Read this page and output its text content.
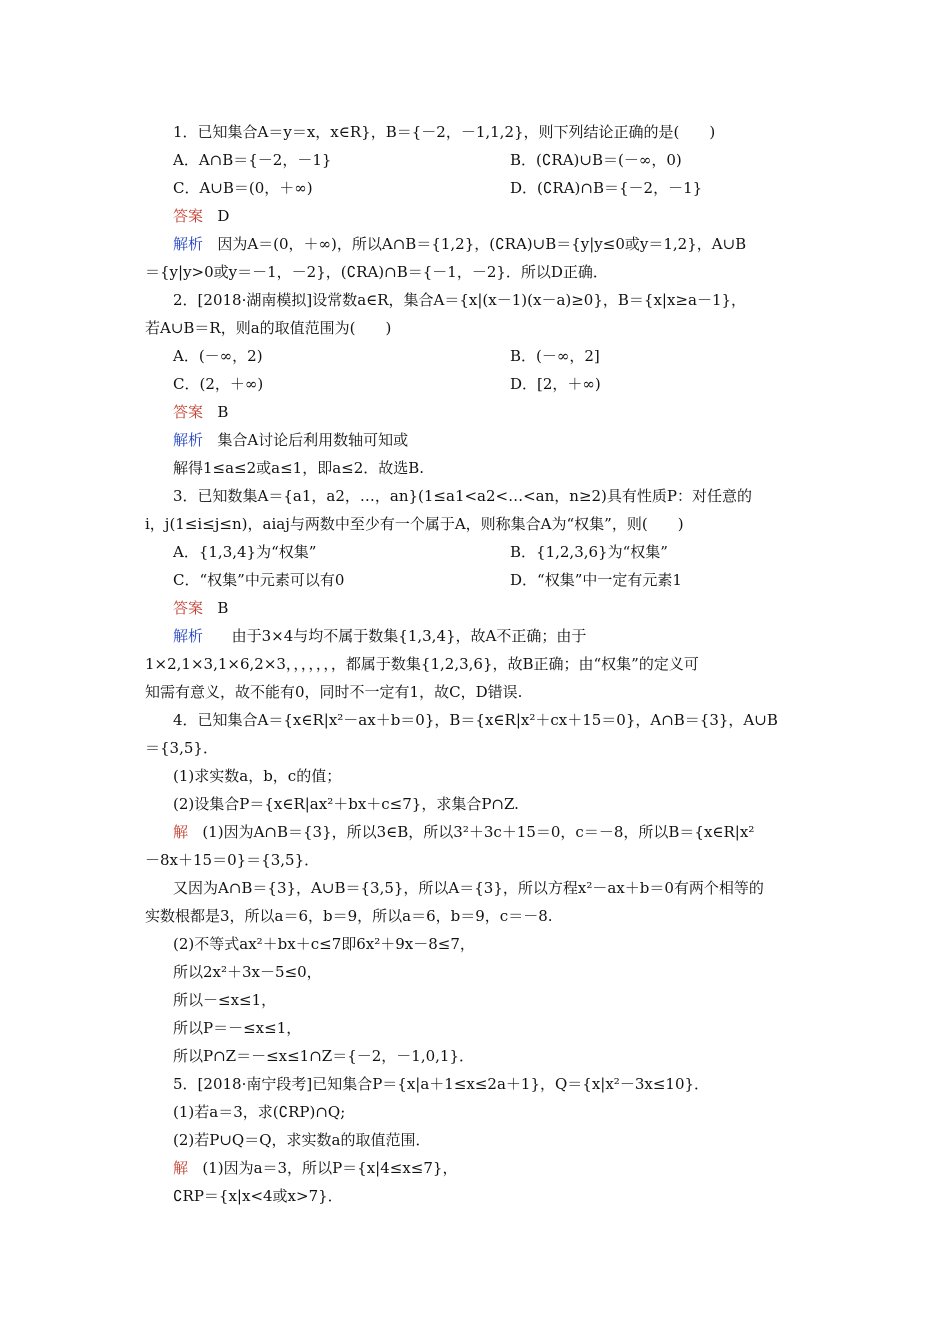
1．已知集合A＝y＝x，x∈R}，B＝{－2，－1,1,2}，则下列结论正确的是(　　)
A．A∩B＝{－2，－1}	B．(∁RA)∪B＝(－∞，0)
C．A∪B＝(0，＋∞)	D．(∁RA)∩B＝{－2，－1}
答案 D
解析 因为A＝(0，＋∞)，所以A∩B＝{1,2}，(∁RA)∪B＝{y|y≤0或y＝1,2}，A∪B
＝{y|y>0或y＝－1，－2}，(∁RA)∩B＝{－1，－2}．所以D正确．
2．[2018·湖南模拟]设常数a∈R，集合A＝{x|(x－1)(x－a)≥0}，B＝{x|x≥a－1}，
若A∪B＝R，则a的取值范围为(　　)
A．(－∞，2)	B．(－∞，2]
C．(2，＋∞)	D．[2，＋∞)
答案 B
解析 集合A讨论后利用数轴可知或
解得1≤a≤2或a≤1，即a≤2．故选B.
3．已知数集A＝{a1，a2，…，an}(1≤a1<a2<…<an，n≥2)具有性质P：对任意的
i，j(1≤i≤j≤n)，aiaj与两数中至少有一个属于A，则称集合A为“权集”，则(　　)
A．{1,3,4}为“权集”	B．{1,2,3,6}为“权集”
C．“权集”中元素可以有0	D．“权集”中一定有元素1
答案 B
解析 由于3×4与均不属于数集{1,3,4}，故A不正确；由于
1×2,1×3,1×6,2×3，，，，，，，都属于数集{1,2,3,6}，故B正确；由“权集”的定义可
知需有意义，故不能有0，同时不一定有1，故C，D错误.
4．已知集合A＝{x∈R|x²－ax＋b＝0}，B＝{x∈R|x²＋cx＋15＝0}，A∩B＝{3}，A∪B
＝{3,5}．
(1)求实数a，b，c的值；
(2)设集合P＝{x∈R|ax²＋bx＋c≤7}，求集合P∩Z.
解 (1)因为A∩B＝{3}，所以3∈B，所以3²＋3c＋15＝0，c＝－8，所以B＝{x∈R|x²
－8x＋15＝0}＝{3,5}．
又因为A∩B＝{3}，A∪B＝{3,5}，所以A＝{3}，所以方程x²－ax＋b＝0有两个相等的
实数根都是3，所以a＝6，b＝9，所以a＝6，b＝9，c＝－8.
(2)不等式ax²＋bx＋c≤7即6x²＋9x－8≤7，
所以2x²＋3x－5≤0，
所以－≤x≤1，
所以P＝－≤x≤1，
所以P∩Z＝－≤x≤1∩Z＝{－2，－1,0,1}．
5．[2018·南宁段考]已知集合P＝{x|a＋1≤x≤2a＋1}，Q＝{x|x²－3x≤10}．
(1)若a＝3，求(∁RP)∩Q;
(2)若P∪Q＝Q，求实数a的取值范围．
解 (1)因为a＝3，所以P＝{x|4≤x≤7}，
∁RP＝{x|x<4或x>7}．
